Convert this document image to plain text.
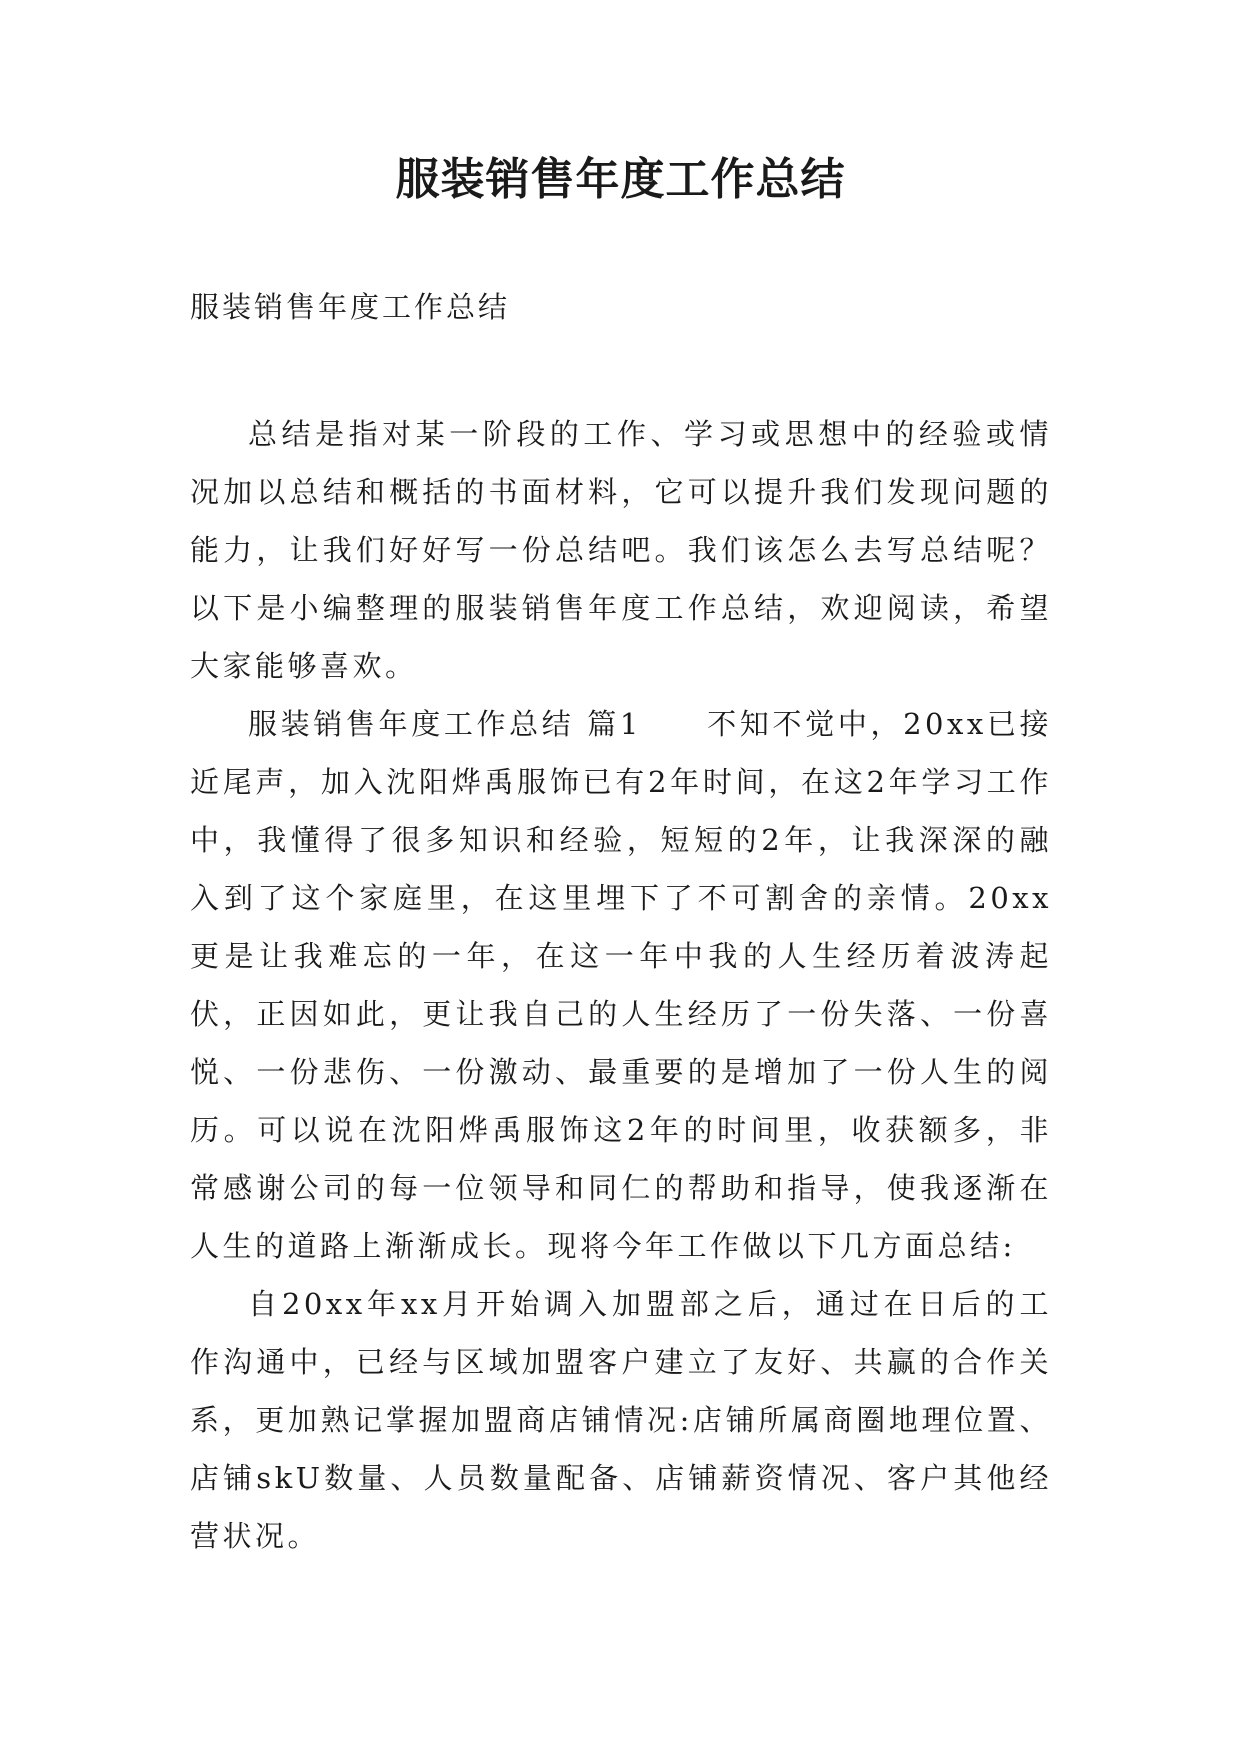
服装销售年度工作总结

服装销售年度工作总结

总结是指对某一阶段的工作、学习或思想中的经验或情况加以总结和概括的书面材料，它可以提升我们发现问题的能力，让我们好好写一份总结吧。我们该怎么去写总结呢？以下是小编整理的服装销售年度工作总结，欢迎阅读，希望大家能够喜欢。

服装销售年度工作总结 篇1　　不知不觉中，20xx已接近尾声，加入沈阳烨禹服饰已有2年时间，在这2年学习工作中，我懂得了很多知识和经验，短短的2年，让我深深的融入到了这个家庭里，在这里埋下了不可割舍的亲情。20xx更是让我难忘的一年，在这一年中我的人生经历着波涛起伏，正因如此，更让我自己的人生经历了一份失落、一份喜悦、一份悲伤、一份激动、最重要的是增加了一份人生的阅历。可以说在沈阳烨禹服饰这2年的时间里，收获额多，非常感谢公司的每一位领导和同仁的帮助和指导，使我逐渐在人生的道路上渐渐成长。现将今年工作做以下几方面总结:

自20xx年xx月开始调入加盟部之后，通过在日后的工作沟通中，已经与区域加盟客户建立了友好、共赢的合作关系，更加熟记掌握加盟商店铺情况:店铺所属商圈地理位置、店铺skU数量、人员数量配备、店铺薪资情况、客户其他经营状况。
